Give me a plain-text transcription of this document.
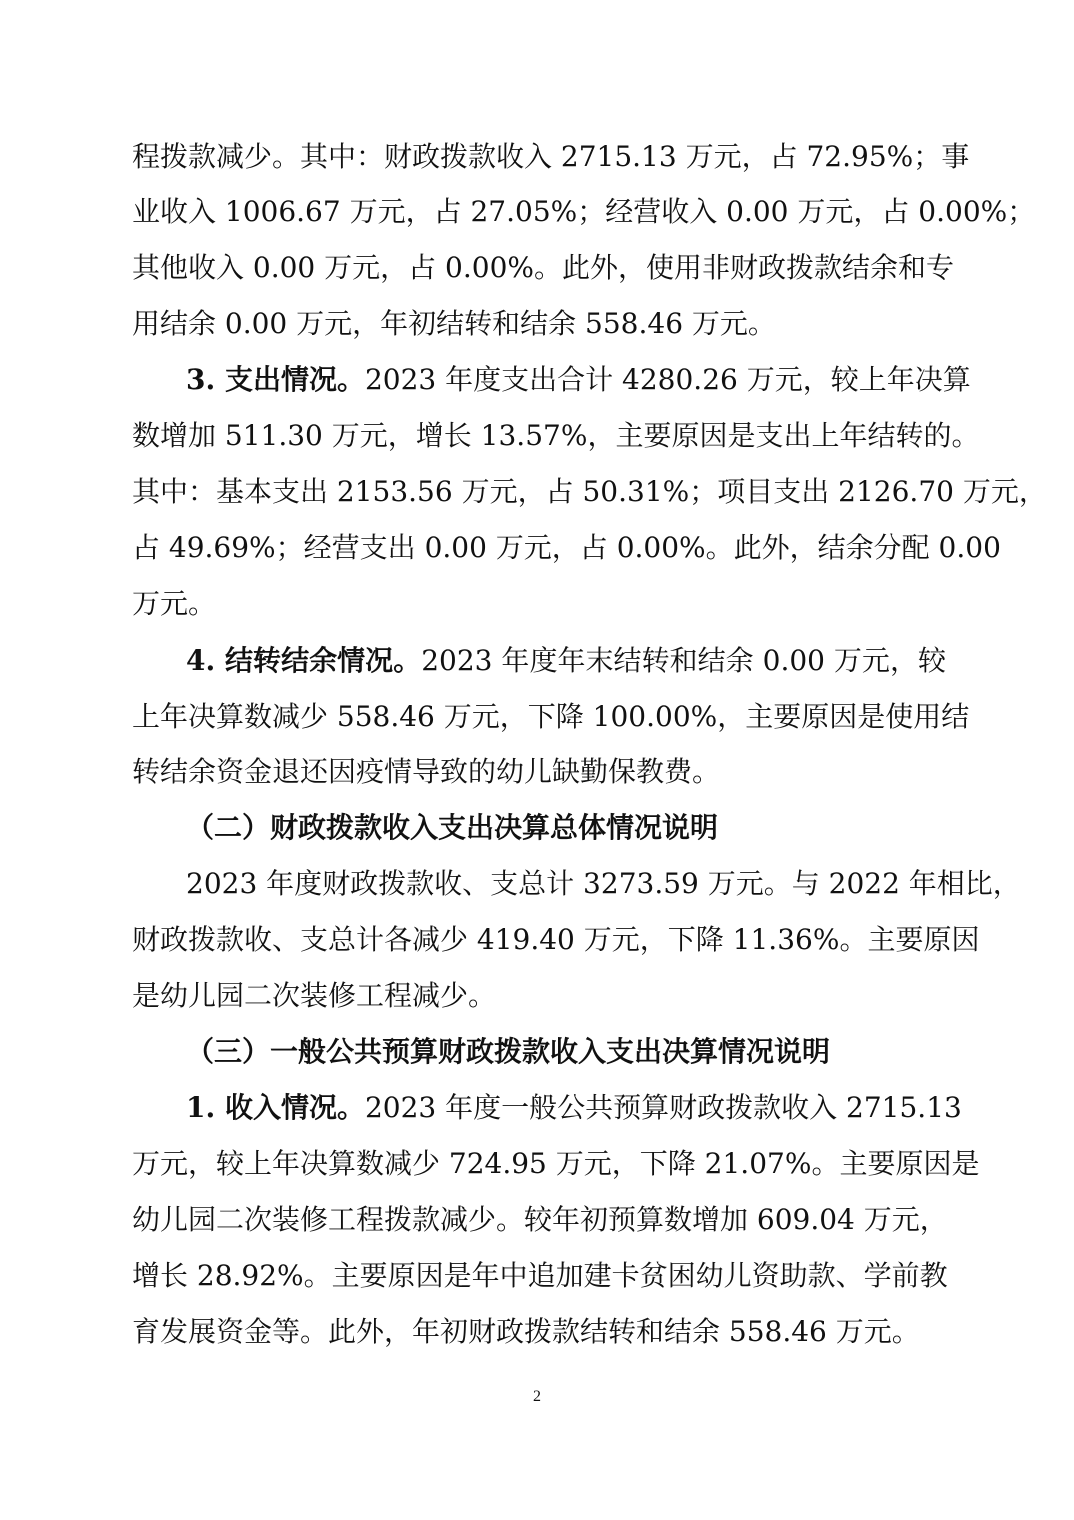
程拨款减少。其中：财政拨款收入 2715.13 万元，占 72.95%；事
业收入 1006.67 万元，占 27.05%；经营收入 0.00 万元，占 0.00%；
其他收入 0.00 万元，占 0.00%。此外，使用非财政拨款结余和专
用结余 0.00 万元，年初结转和结余 558.46 万元。
3. 支出情况。2023 年度支出合计 4280.26 万元，较上年决算
数增加 511.30 万元，增长 13.57%，主要原因是支出上年结转的。
其中：基本支出 2153.56 万元，占 50.31%；项目支出 2126.70 万元，
占 49.69%；经营支出 0.00 万元，占 0.00%。此外，结余分配 0.00
万元。
4. 结转结余情况。2023 年度年末结转和结余 0.00 万元，较
上年决算数减少 558.46 万元，下降 100.00%，主要原因是使用结
转结余资金退还因疫情导致的幼儿缺勤保教费。
（二）财政拨款收入支出决算总体情况说明
2023 年度财政拨款收、支总计 3273.59 万元。与 2022 年相比，
财政拨款收、支总计各减少 419.40 万元，下降 11.36%。主要原因
是幼儿园二次装修工程减少。
（三）一般公共预算财政拨款收入支出决算情况说明
1. 收入情况。2023 年度一般公共预算财政拨款收入 2715.13
万元，较上年决算数减少 724.95 万元，下降 21.07%。主要原因是
幼儿园二次装修工程拨款减少。较年初预算数增加 609.04 万元，
增长 28.92%。主要原因是年中追加建卡贫困幼儿资助款、学前教
育发展资金等。此外，年初财政拨款结转和结余 558.46 万元。
2
